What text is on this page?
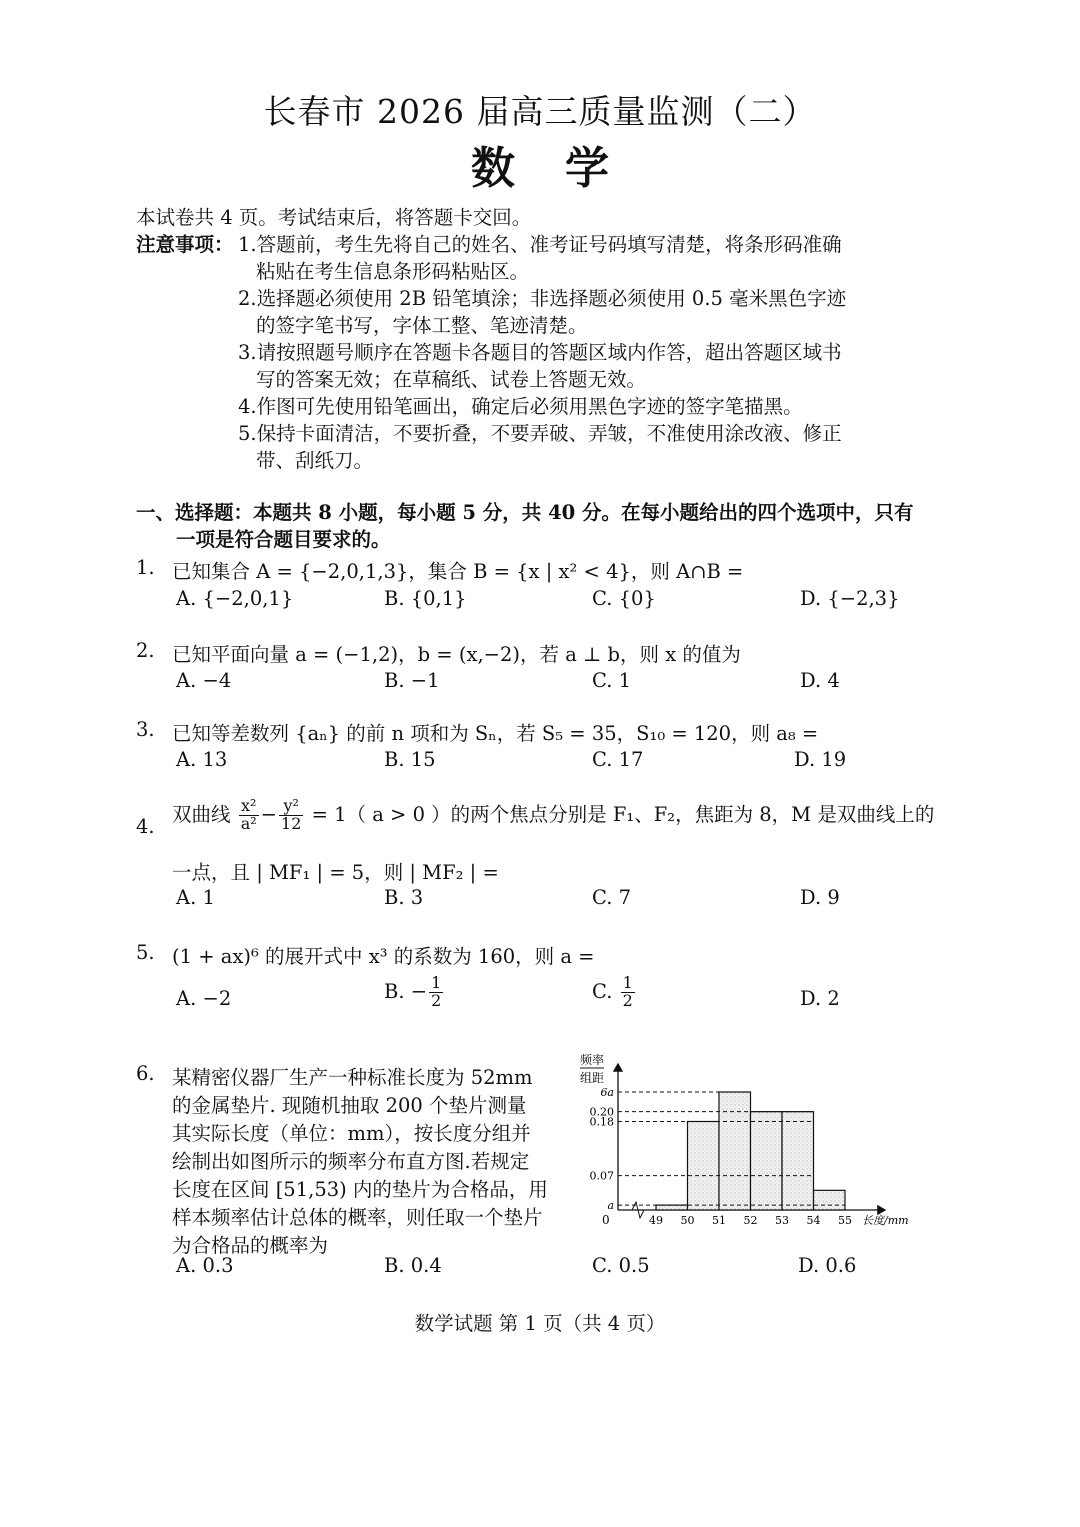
长春市 2026 届高三质量监测（二）
数学
本试卷共 4 页。考试结束后，将答题卡交回。
注意事项： 1.答题前，考生先将自己的姓名、准考证号码填写清楚，将条形码准确
粘贴在考生信息条形码粘贴区。
2.选择题必须使用 2B 铅笔填涂；非选择题必须使用 0.5 毫米黑色字迹
的签字笔书写，字体工整、笔迹清楚。
3.请按照题号顺序在答题卡各题目的答题区域内作答，超出答题区域书
写的答案无效；在草稿纸、试卷上答题无效。
4.作图可先使用铅笔画出，确定后必须用黑色字迹的签字笔描黑。
5.保持卡面清洁，不要折叠，不要弄破、弄皱，不准使用涂改液、修正
带、刮纸刀。
一、选择题：本题共 8 小题，每小题 5 分，共 40 分。在每小题给出的四个选项中，只有
一项是符合题目要求的。
1. 已知集合 A = {−2,0,1,3}，集合 B = {x | x² < 4}，则 A∩B =
A. {−2,0,1}	B. {0,1}	C. {0}	D. {−2,3}
2. 已知平面向量 a = (−1,2)，b = (x,−2)，若 a ⊥ b，则 x 的值为
A. −4	B. −1	C. 1	D. 4
3. 已知等差数列 {aₙ} 的前 n 项和为 Sₙ，若 S₅ = 35，S₁₀ = 120，则 a₈ =
A. 13	B. 15	C. 17	D. 19
4.
双曲线 $\frac{\text{x²}}{\text{a²}} - \frac{\text{y²}}{12} = 1$（ a > 0 ）的两个焦点分别是 F₁、F₂，焦距为 8，M 是双曲线上的
一点，且 | MF₁ | = 5，则 | MF₂ | =
A. 1	B. 3	C. 7	D. 9
5. (1 + ax)⁶ 的展开式中 x³ 的系数为 160，则 a =
A. −2	B. − $\frac{1}{2}$	C. $\frac{1}{2}$	D. 2
6. 某精密仪器厂生产一种标准长度为 52mm
的金属垫片. 现随机抽取 200 个垫片测量
其实际长度（单位：mm），按长度分组并
绘制出如图所示的频率分布直方图.若规定
长度在区间 [51,53) 内的垫片为合格品，用
样本频率估计总体的概率，则任取一个垫片
为合格品的概率为
频率
组距
0	长度/mm
49 50 51 52 53 54 55
6a
0.20
0.18
0.07
a
A. 0.3	B. 0.4	C. 0.5	D. 0.6
数学试题 第 1 页（共 4 页）
